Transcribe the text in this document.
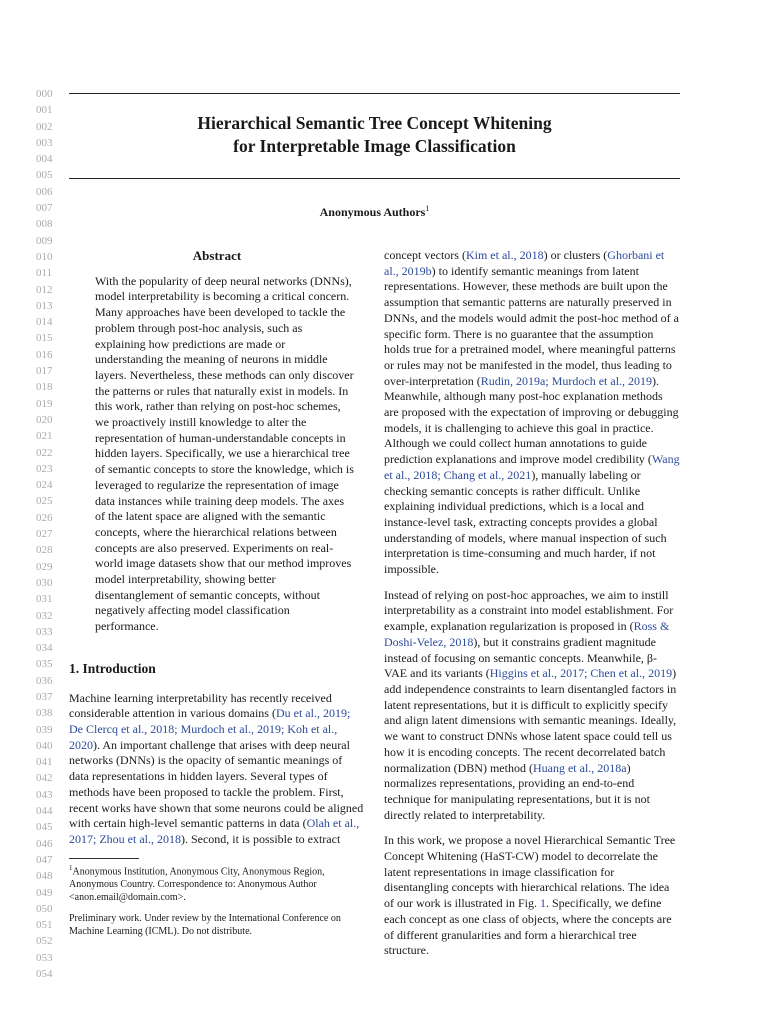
000
001
002
003
004
005
006
007
008
009
010
011
012
013
014
015
016
017
018
019
020
021
022
023
024
025
026
027
028
029
030
031
032
033
034
035
036
037
038
039
040
041
042
043
044
045
046
047
048
049
050
051
052
053
054
Hierarchical Semantic Tree Concept Whitening
for Interpretable Image Classification
Anonymous Authors$^1$
Abstract
With the popularity of deep neural networks (DNNs), model interpretability is becoming a critical concern. Many approaches have been developed to tackle the problem through post-hoc analysis, such as explaining how predictions are made or understanding the meaning of neurons in middle layers. Nevertheless, these methods can only discover the patterns or rules that naturally exist in models. In this work, rather than relying on post-hoc schemes, we proactively instill knowledge to alter the representation of human-understandable concepts in hidden layers. Specifically, we use a hierarchical tree of semantic concepts to store the knowledge, which is leveraged to regularize the representation of image data instances while training deep models. The axes of the latent space are aligned with the semantic concepts, where the hierarchical relations between concepts are also preserved. Experiments on real-world image datasets show that our method improves model interpretability, showing better disentanglement of semantic concepts, without negatively affecting model classification performance.
1. Introduction

Machine learning interpretability has recently received considerable attention in various domains (Du et al., 2019; De Clercq et al., 2018; Murdoch et al., 2019; Koh et al., 2020). An important challenge that arises with deep neural networks (DNNs) is the opacity of semantic meanings of data representations in hidden layers. Several types of methods have been proposed to tackle the problem. First, recent works have shown that some neurons could be aligned with certain high-level semantic patterns in data (Olah et al., 2017; Zhou et al., 2018). Second, it is possible to extract

$^1$Anonymous Institution, Anonymous City, Anonymous Region, Anonymous Country. Correspondence to: Anonymous Author <anon.email@domain.com>.
Preliminary work. Under review by the International Conference on Machine Learning (ICML). Do not distribute.

concept vectors (Kim et al., 2018) or clusters (Ghorbani et al., 2019b) to identify semantic meanings from latent representations. However, these methods are built upon the assumption that semantic patterns are naturally preserved in DNNs, and the models would admit the post-hoc method of a specific form. There is no guarantee that the assumption holds true for a pretrained model, where meaningful patterns or rules may not be manifested in the model, thus leading to over-interpretation (Rudin, 2019a; Murdoch et al., 2019). Meanwhile, although many post-hoc explanation methods are proposed with the expectation of improving or debugging models, it is challenging to achieve this goal in practice. Although we could collect human annotations to guide prediction explanations and improve model credibility (Wang et al., 2018; Chang et al., 2021), manually labeling or checking semantic concepts is rather difficult. Unlike explaining individual predictions, which is a local and instance-level task, extracting concepts provides a global understanding of models, where manual inspection of such interpretation is time-consuming and much harder, if not impossible.

Instead of relying on post-hoc approaches, we aim to instill interpretability as a constraint into model establishment. For example, explanation regularization is proposed in (Ross & Doshi-Velez, 2018), but it constrains gradient magnitude instead of focusing on semantic concepts. Meanwhile, β-VAE and its variants (Higgins et al., 2017; Chen et al., 2019) add independence constraints to learn disentangled factors in latent representations, but it is difficult to explicitly specify and align latent dimensions with semantic meanings. Ideally, we want to construct DNNs whose latent space could tell us how it is encoding concepts. The recent decorrelated batch normalization (DBN) method (Huang et al., 2018a) normalizes representations, providing an end-to-end technique for manipulating representations, but it is not directly related to interpretability.

In this work, we propose a novel Hierarchical Semantic Tree Concept Whitening (HaST-CW) model to decorrelate the latent representations in image classification for disentangling concepts with hierarchical relations. The idea of our work is illustrated in Fig. 1. Specifically, we define each concept as one class of objects, where the concepts are of different granularities and form a hierarchical tree structure.
